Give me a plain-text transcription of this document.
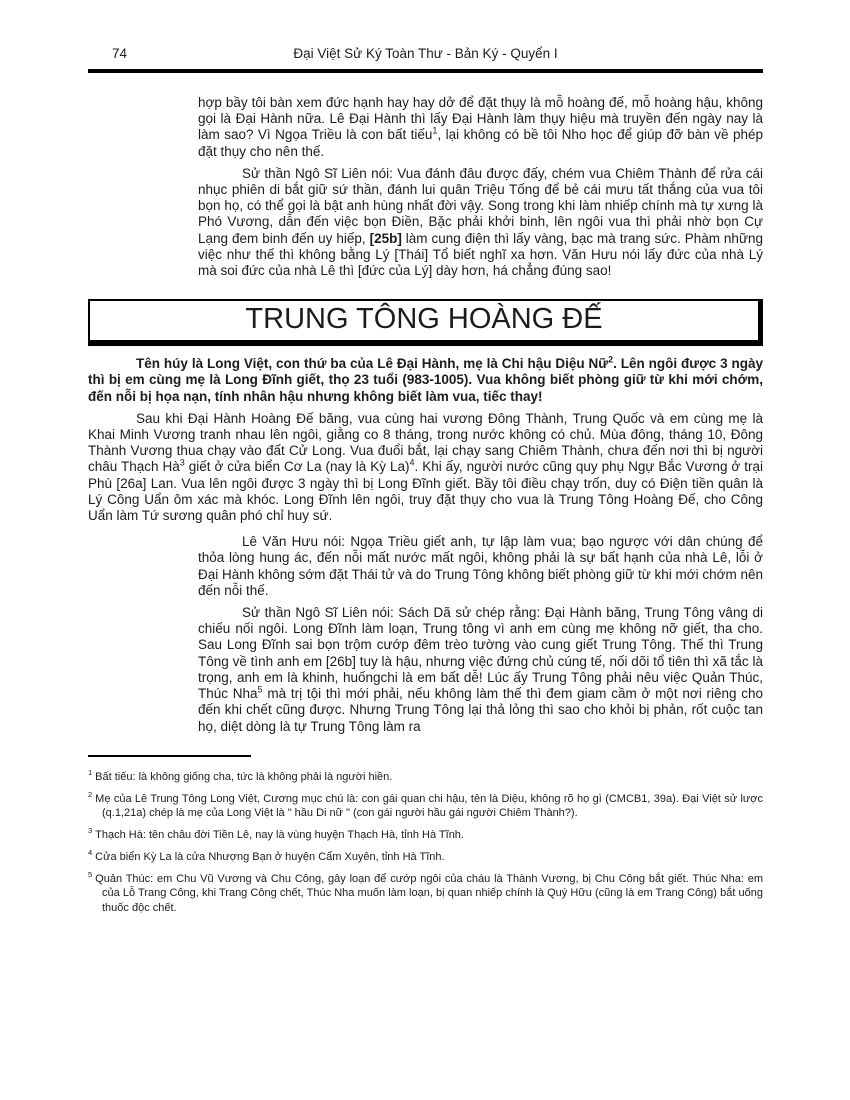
74	Đại Việt Sử Ký Toàn Thư - Bản Ký - Quyển I

hợp bầy tôi bàn xem đức hạnh hay hay dở để đặt thụy là mỗ hoàng đế, mỗ hoàng hậu, không gọi là Đại Hành nữa. Lê Đại Hành thì lấy Đại Hành làm thụy hiệu mà truyền đến ngày nay là làm sao? Vì Ngọa Triều là con bất tiếu$^1$, lại không có bề tôi Nho học để giúp đỡ bàn về phép đặt thụy cho nên thế.

Sử thần Ngô Sĩ Liên nói: Vua đánh đâu được đấy, chém vua Chiêm Thành để rửa cái nhục phiên di bắt giữ sứ thần, đánh lui quân Triệu Tống để bẻ cái mưu tất thắng của vua tôi bọn họ, có thể gọi là bật anh hùng nhất đời vậy. Song trong khi làm nhiếp chính mà tự xưng là Phó Vương, dẫn đến việc bọn Điền, Bặc phải khởi binh, lên ngôi vua thì phải nhờ bọn Cự Lạng đem binh đến uy hiếp, [25b] làm cung điện thì lấy vàng, bạc mà trang sức. Phàm những việc như thế thì không bằng Lý [Thái] Tổ biết nghĩ xa hơn. Văn Hưu nói lấy đức của nhà Lý mà soi đức của nhà Lê thì [đức của Lý] dày hơn, há chẳng đúng sao!

TRUNG TÔNG HOÀNG ĐẾ

Tên húy là Long Việt, con thứ ba của Lê Đại Hành, mẹ là Chi hậu Diệu Nữ$^2$. Lên ngôi được 3 ngày thì bị em cùng mẹ là Long Đĩnh giết, thọ 23 tuổi (983-1005). Vua không biết phòng giữ từ khi mới chớm, đến nỗi bị họa nạn, tính nhân hậu nhưng không biết làm vua, tiếc thay!

Sau khi Đại Hành Hoàng Đế băng, vua cùng hai vương Đông Thành, Trung Quốc và em cùng mẹ là Khai Minh Vương tranh nhau lên ngôi, giằng co 8 tháng, trong nước không có chủ. Mùa đông, tháng 10, Đông Thành Vương thua chạy vào đất Cử Long. Vua đuổi bắt, lại chạy sang Chiêm Thành, chưa đến nơi thì bị người châu Thạch Hà$^3$ giết ở cửa biển Cơ La (nay là Kỳ La)$^4$. Khi ấy, người nước cũng quy phụ Ngự Bắc Vương ở trại Phù [26a] Lan. Vua lên ngôi được 3 ngày thì bị Long Đĩnh giết. Bầy tôi điều chạy trốn, duy có Điện tiền quân là Lý Công Uẩn ôm xác mà khóc. Long Đĩnh lên ngôi, truy đặt thụy cho vua là Trung Tông Hoàng Đế, cho Công Uẩn làm Tứ sương quân phó chỉ huy sứ.

Lê Văn Hưu nói: Ngọa Triều giết anh, tự lập làm vua; bạo ngược với dân chúng để thỏa lòng hung ác, đến nỗi mất nước mất ngôi, không phải là sự bất hạnh của nhà Lê, lỗi ở Đại Hành không sớm đặt Thái tử và do Trung Tông không biết phòng giữ từ khi mới chớm nên đến nỗi thế.

Sử thần Ngô Sĩ Liên nói: Sách Dã sử chép rằng: Đại Hành băng, Trung Tông vâng di chiếu nối ngôi. Long Đĩnh làm loạn, Trung tông vì anh em cùng mẹ không nỡ giết, tha cho. Sau Long Đĩnh sai bọn trộm cướp đêm trèo tường vào cung giết Trung Tông. Thế thì Trung Tông về tình anh em [26b] tuy là hậu, nhưng việc đứng chủ cúng tế, nối dõi tổ tiên thì xã tắc là trọng, anh em là khinh, huốngchi là em bất dễ! Lúc ấy Trung Tông phải nêu việc Quản Thúc, Thúc Nha$^5$ mà trị tội thì mới phải, nếu không làm thế thì đem giam cầm ở một nơi riêng cho đến khi chết cũng được. Nhưng Trung Tông lại thả lỏng thì sao cho khỏi bị phản, rốt cuộc tan họ, diệt dòng là tự Trung Tông làm ra

$^1$ Bất tiếu: là không giống cha, tức là không phải là người hiền.
$^2$ Mẹ của Lê Trung Tông Long Việt, Cương mục chú là: con gái quan chi hậu, tên là Diệu, không rõ họ gì (CMCB1, 39a). Đại Việt sử lược (q.1,21a) chép là mẹ của Long Việt là " hầu Di nữ " (con gái người hầu gái người Chiêm Thành?).
$^3$ Thạch Hà: tên châu đời Tiền Lê, nay là vùng huyện Thạch Hà, tỉnh Hà Tĩnh.
$^4$ Cửa biển Kỳ La là cửa Nhượng Bạn ở huyện Cẩm Xuyên, tỉnh Hà Tĩnh.
$^5$ Quản Thúc: em Chu Vũ Vương và Chu Công, gây loạn để cướp ngôi của cháu là Thành Vương, bị Chu Công bắt giết. Thúc Nha: em của Lỗ Trang Công, khi Trang Công chết, Thúc Nha muốn làm loạn, bị quan nhiếp chính là Quý Hữu (cũng là em Trang Công) bắt uống thuốc độc chết.
